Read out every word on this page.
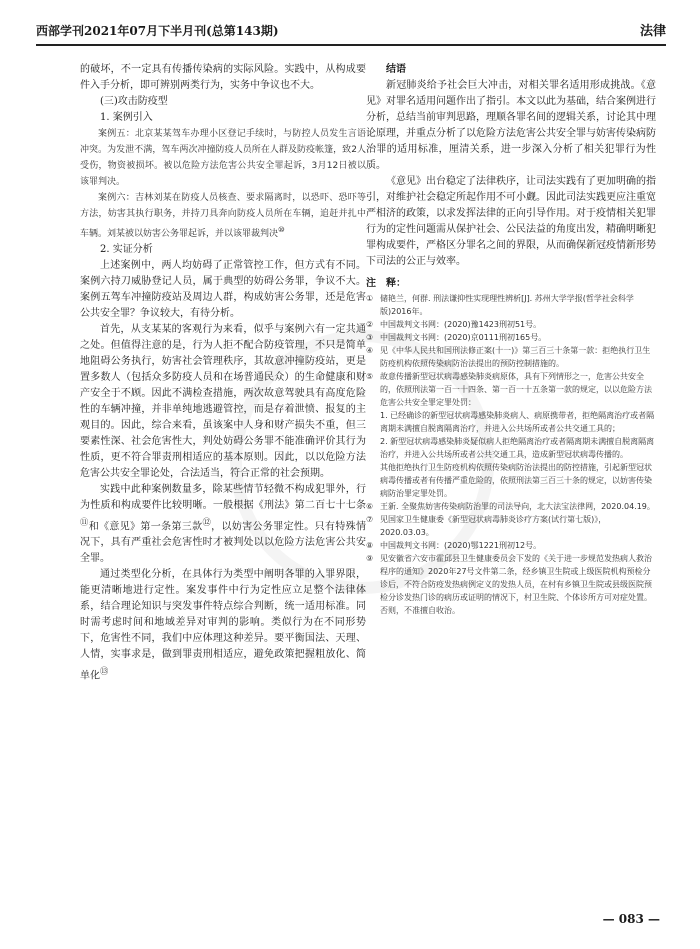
西部学刊2021年07月下半月刊(总第143期)	法律

的破坏，不一定具有传播传染病的实际风险。实践中，从构成要件入手分析，即可辨别两类行为，实务中争议也不大。

(三)攻击防疫型
1. 案例引入

案例五：北京某某驾车办理小区登记手续时，与防控人员发生言语冲突。为发泄不满，驾车两次冲撞防疫人员所在人群及防疫帐篷，致2人受伤，物资被损坏。被以危险方法危害公共安全罪起诉，3月12日被以该罪判决。

案例六：吉林刘某在防疫人员核查、要求隔离时，以恐吓、恐吓等方法，妨害其执行职务，并持刀具奔向防疫人员所在车辆，追赶并扎中车辆。刘某被以妨害公务罪起诉，并以该罪裁判决⑩

2. 实证分析

上述案例中，两人均妨碍了正常管控工作，但方式有不同。案例六持刀威胁登记人员，属于典型的妨碍公务罪，争议不大。案例五驾车冲撞防疫站及周边人群，构成妨害公务罪，还是危害公共安全罪？争议较大，有待分析。

首先，从支某某的客观行为来看，似乎与案例六有一定共通之处。但值得注意的是，行为人拒不配合防疫管理，不只是简单地阻碍公务执行，妨害社会管理秩序，其故意冲撞防疫站，更是置多数人（包括众多防疫人员和在场普通民众）的生命健康和财产安全于不顾。因此不满检查措施，两次故意驾驶具有高度危险性的车辆冲撞，并非单纯地逃避管控，而是存着泄愤、报复的主观目的。因此，综合来看，虽该案中人身和财产损失不重，但三要素性深、社会危害性大，判处妨碍公务罪不能准确评价其行为性质，更不符合罪责刑相适应的基本原则。因此，以以危险方法危害公共安全罪论处，合法适当，符合正常的社会预期。

实践中此种案例数量多，除某些情节轻微不构成犯罪外，行为性质和构成要件比较明晰。一般根据《刑法》第二百七十七条⑪和《意见》第一条第三款⑫，以妨害公务罪定性。只有特殊情况下，具有严重社会危害性时才被判处以以危险方法危害公共安全罪。

通过类型化分析，在具体行为类型中阐明各罪的入罪界限，能更清晰地进行定性。案发事件中行为定性应立足整个法律体系，结合理论知识与突发事件特点综合判断，统一适用标准。同时需考虑时间和地域差异对审判的影响。类似行为在不同形势下，危害性不同，我们中应体理这种差异。要平衡国法、天理、人情，实事求是，做到罪责刑相适应，避免政策把握粗放化、简单化⑬

结语

新冠肺炎给予社会巨大冲击，对相关罪名适用形成挑战。《意见》对罪名适用问题作出了指引。本文以此为基础，结合案例进行分析，总结当前审判思路，理顺各罪名间的逻辑关系，讨论其中理论原理，并重点分析了以危险方法危害公共安全罪与妨害传染病防治罪的适用标准，厘清关系，进一步深入分析了相关犯罪行为性质。

《意见》出台稳定了法律秩序，让司法实践有了更加明确的指引，对维护社会稳定所起作用不可小觑。因此司法实践更应注重宽严相济的政策，以求发挥法律的正向引导作用。对于疫情相关犯罪行为的定性问题需从保护社会、公民法益的角度出发，精确明晰犯罪构成要件，严格区分罪名之间的界限，从而确保新冠疫情新形势下司法的公正与效率。

注　释：
① 储艳兰，何群. 刑法谦抑性实现理性辨析[J]. 苏州大学学报(哲学社会科学版)2016年。
② 中国裁判文书网：(2020)豫1423刑初51号。
③ 中国裁判文书网：(2020)京0111刑初165号。
④ 见《中华人民共和国刑法修正案(十一)》第三百三十条第一款：拒绝执行卫生防疫机构依照传染病防治法提出的预防控制措施的。
⑤ 故意传播新型冠状病毒感染肺炎病原体，具有下列情形之一，危害公共安全的，依照刑法第一百一十四条、第一百一十五条第一款的规定，以以危险方法危害公共安全罪定罪处罚：
1. 已经确诊的新型冠状病毒感染肺炎病人、病原携带者，拒绝隔离治疗或者隔离期未满擅自脱离隔离治疗，并进入公共场所或者公共交通工具的；
2. 新型冠状病毒感染肺炎疑似病人拒绝隔离治疗或者隔离期未满擅自脱离隔离治疗，并进入公共场所或者公共交通工具，造成新型冠状病毒传播的。
其他拒绝执行卫生防疫机构依照传染病防治法提出的防控措施，引起新型冠状病毒传播或者有传播严重危险的，依照刑法第三百三十条的规定，以妨害传染病防治罪定罪处罚。
⑥ 王新. 全聚焦妨害传染病防治罪的司法导向，北大法宝法律网，2020.04.19。
⑦ 见国家卫生健康委《新型冠状病毒肺炎诊疗方案(试行第七版)》，2020.03.03。
⑧ 中国裁判文书网：(2020)鄂1221刑初12号。
⑨ 见安徽省六安市霍邱县卫生健康委员会下发的《关于进一步规范发热病人救治程序的通知》2020年27号文件第二条，经乡镇卫生院或上级医院机构预检分诊后，不符合防疫发热病例定义的发热人员，在村有乡镇卫生院或县级医院预检分诊发热门诊的病历或证明的情况下，村卫生院、个体诊所方可对症处置。否则，不准擅自收治。
— 083 —
